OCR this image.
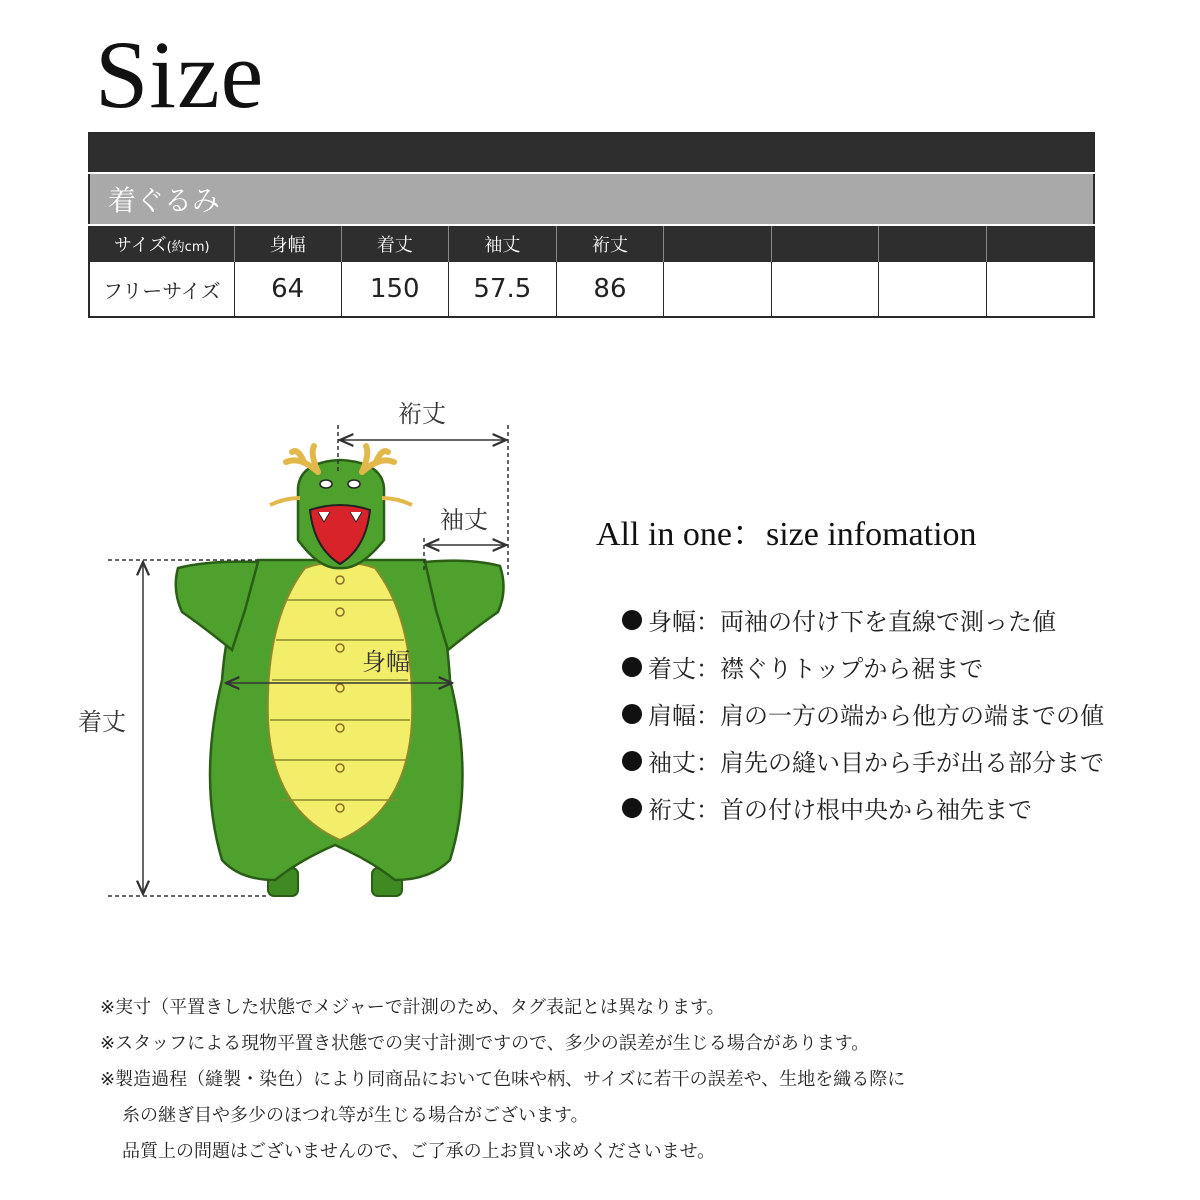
Size

着ぐるみ								
サイズ(約cm)	身幅	着丈	袖丈	裄丈				
フリーサイズ	64	150	57.5	86				
裄丈
袖丈
身幅
着丈
All in one：size infomation
身幅：両袖の付け下を直線で測った値
着丈：襟ぐりトップから裾まで
肩幅：肩の一方の端から他方の端までの値
袖丈：肩先の縫い目から手が出る部分まで
裄丈：首の付け根中央から袖先まで
※実寸（平置きした状態でメジャーで計測のため、タグ表記とは異なります。
※スタッフによる現物平置き状態での実寸計測ですので、多少の誤差が生じる場合があります。
※製造過程（縫製・染色）により同商品において色味や柄、サイズに若干の誤差や、生地を織る際に
糸の継ぎ目や多少のほつれ等が生じる場合がございます。
品質上の問題はございませんので、ご了承の上お買い求めくださいませ。
